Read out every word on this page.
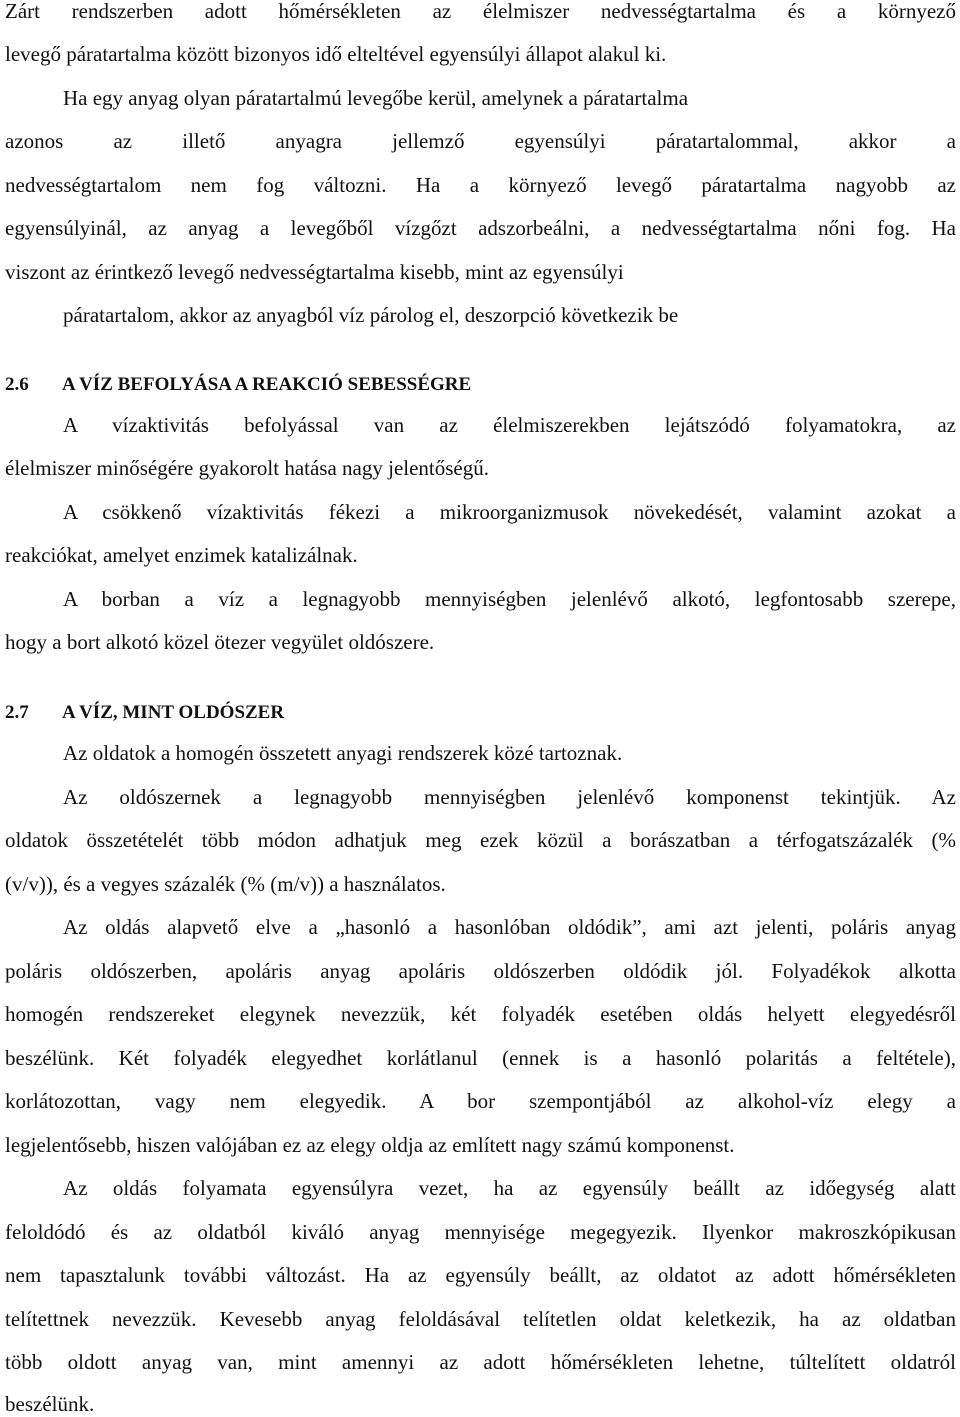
Zárt rendszerben adott hőmérsékleten az élelmiszer nedvességtartalma és a környező
levegő páratartalma között bizonyos idő elteltével egyensúlyi állapot alakul ki.
Ha egy anyag olyan páratartalmú levegőbe kerül, amelynek a páratartalma
azonos az illető anyagra jellemző egyensúlyi páratartalommal, akkor a
nedvességtartalom nem fog változni. Ha a környező levegő páratartalma nagyobb az
egyensúlyinál, az anyag a levegőből vízgőzt adszorbeálni, a nedvességtartalma nőni fog. Ha
viszont az érintkező levegő nedvességtartalma kisebb, mint az egyensúlyi
páratartalom, akkor az anyagból víz párolog el, deszorpció következik be
2.6 A VÍZ BEFOLYÁSA A REAKCIÓ SEBESSÉGRE
A vízaktivitás befolyással van az élelmiszerekben lejátszódó folyamatokra, az
élelmiszer minőségére gyakorolt hatása nagy jelentőségű.
A csökkenő vízaktivitás fékezi a mikroorganizmusok növekedését, valamint azokat a
reakciókat, amelyet enzimek katalizálnak.
A borban a víz a legnagyobb mennyiségben jelenlévő alkotó, legfontosabb szerepe,
hogy a bort alkotó közel ötezer vegyület oldószere.
2.7 A VÍZ, MINT OLDÓSZER
Az oldatok a homogén összetett anyagi rendszerek közé tartoznak.
Az oldószernek a legnagyobb mennyiségben jelenlévő komponenst tekintjük. Az
oldatok összetételét több módon adhatjuk meg ezek közül a borászatban a térfogatszázalék (%
(v/v)), és a vegyes százalék (% (m/v)) a használatos.
Az oldás alapvető elve a „hasonló a hasonlóban oldódik”, ami azt jelenti, poláris anyag
poláris oldószerben, apoláris anyag apoláris oldószerben oldódik jól. Folyadékok alkotta
homogén rendszereket elegynek nevezzük, két folyadék esetében oldás helyett elegyedésről
beszélünk. Két folyadék elegyedhet korlátlanul (ennek is a hasonló polaritás a feltétele),
korlátozottan, vagy nem elegyedik. A bor szempontjából az alkohol-víz elegy a
legjelentősebb, hiszen valójában ez az elegy oldja az említett nagy számú komponenst.
Az oldás folyamata egyensúlyra vezet, ha az egyensúly beállt az időegység alatt
feloldódó és az oldatból kiváló anyag mennyisége megegyezik. Ilyenkor makroszkópikusan
nem tapasztalunk további változást. Ha az egyensúly beállt, az oldatot az adott hőmérsékleten
telítettnek nevezzük. Kevesebb anyag feloldásával telítetlen oldat keletkezik, ha az oldatban
több oldott anyag van, mint amennyi az adott hőmérsékleten lehetne, túltelített oldatról
beszélünk.
